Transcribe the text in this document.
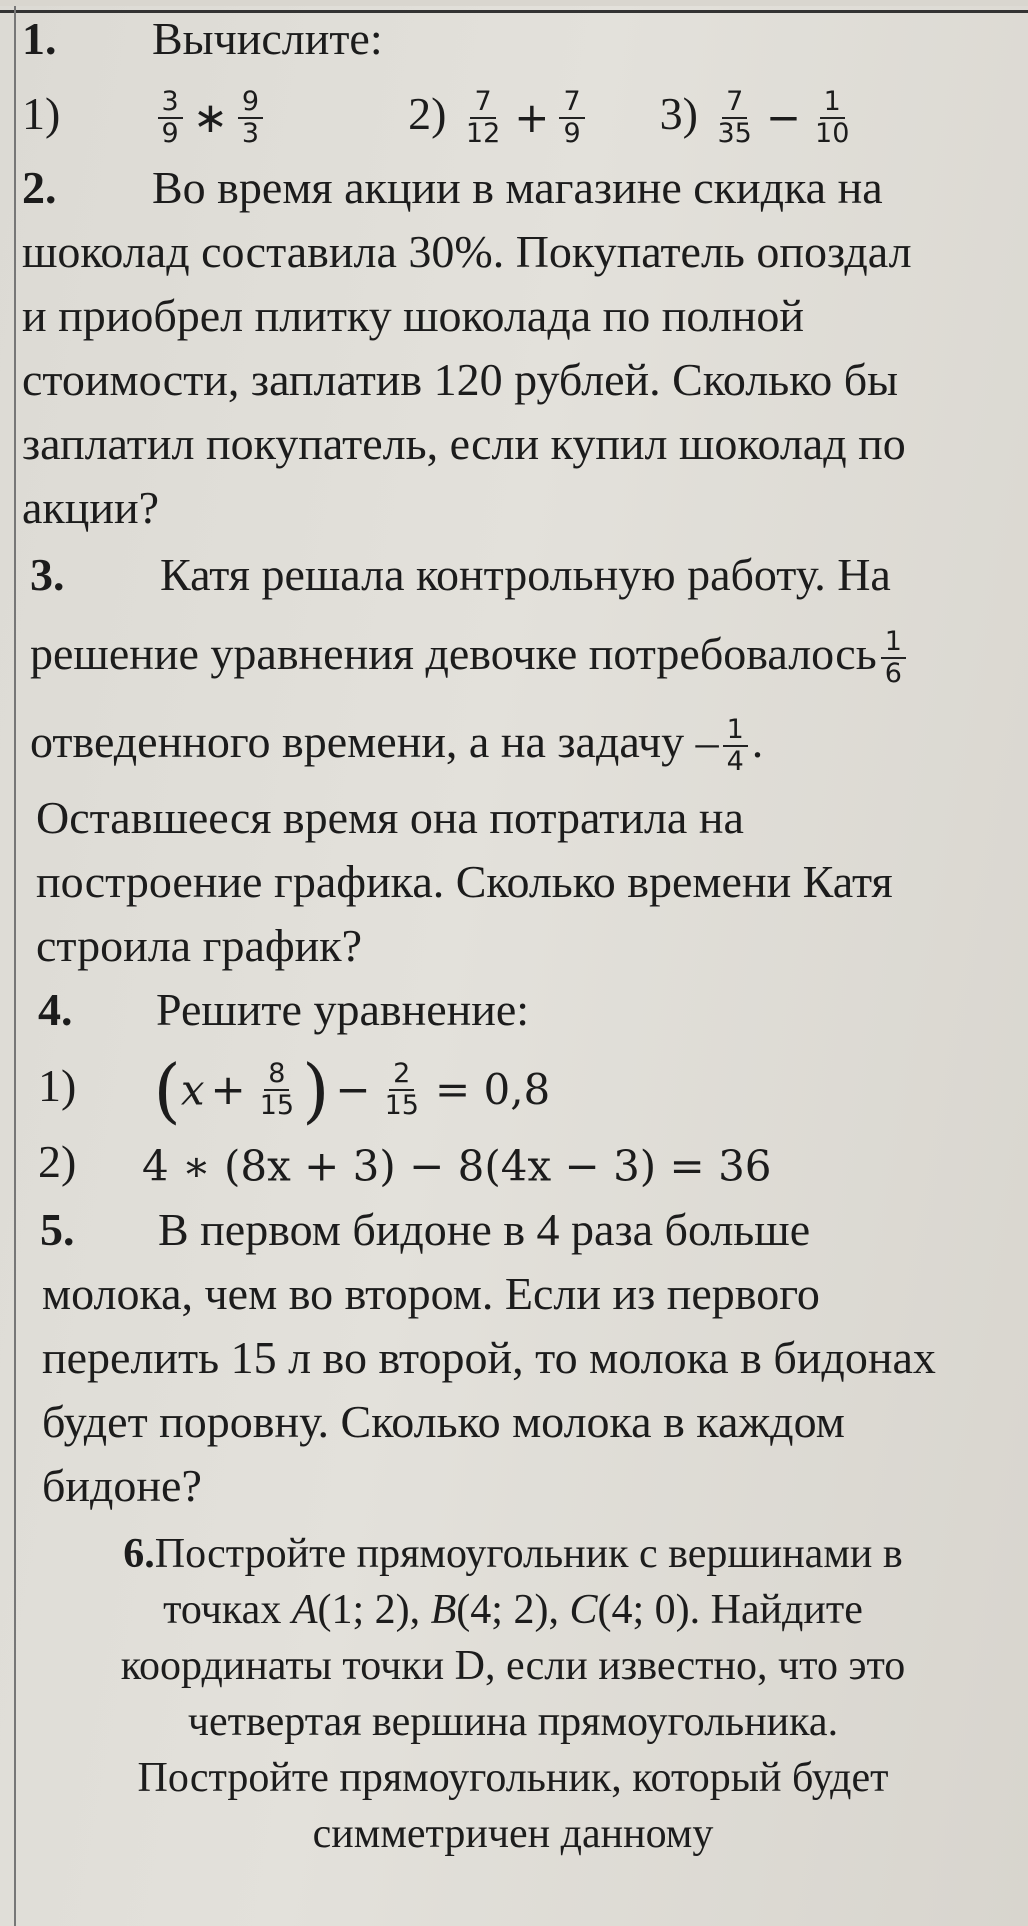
1. Вычислите:
1)	$\frac{3}{9}$ ∗ $\frac{9}{3}$	$2) \frac{7}{12} + \frac{7}{9} 3) \frac{7}{35} - \frac{1}{10}$
2. Во время акции в магазине скидка на
шоколад составила 30%. Покупатель опоздал
и приобрел плитку шоколада по полной
стоимости, заплатив 120 рублей. Сколько бы
заплатил покупатель, если купил шоколад по
акции?
3. Катя решала контрольную работу. На
решение уравнения девочке потребовалось $\frac{1}{6}$
отведенного времени, а на задачу – $\frac{1}{4}$ .
Оставшееся время она потратила на
построение графика. Сколько времени Катя
строила график?
4. Решите уравнение:
1) ($x + \frac{8}{15}$ ) − $\frac{2}{15} = 0,8$
2) 4 ∗ (8x + 3) − 8(4x − 3) = 36
5. В первом бидоне в 4 раза больше
молока, чем во втором. Если из первого
перелить 15 л во второй, то молока в бидонах
будет поровну. Сколько молока в каждом
бидоне?
6.Постройте прямоугольник с вершинами в
точках A(1; 2), B(4; 2), C(4; 0). Найдите
координаты точки D, если известно, что это
четвертая вершина прямоугольника.
Постройте прямоугольник, который будет
симметричен данному
